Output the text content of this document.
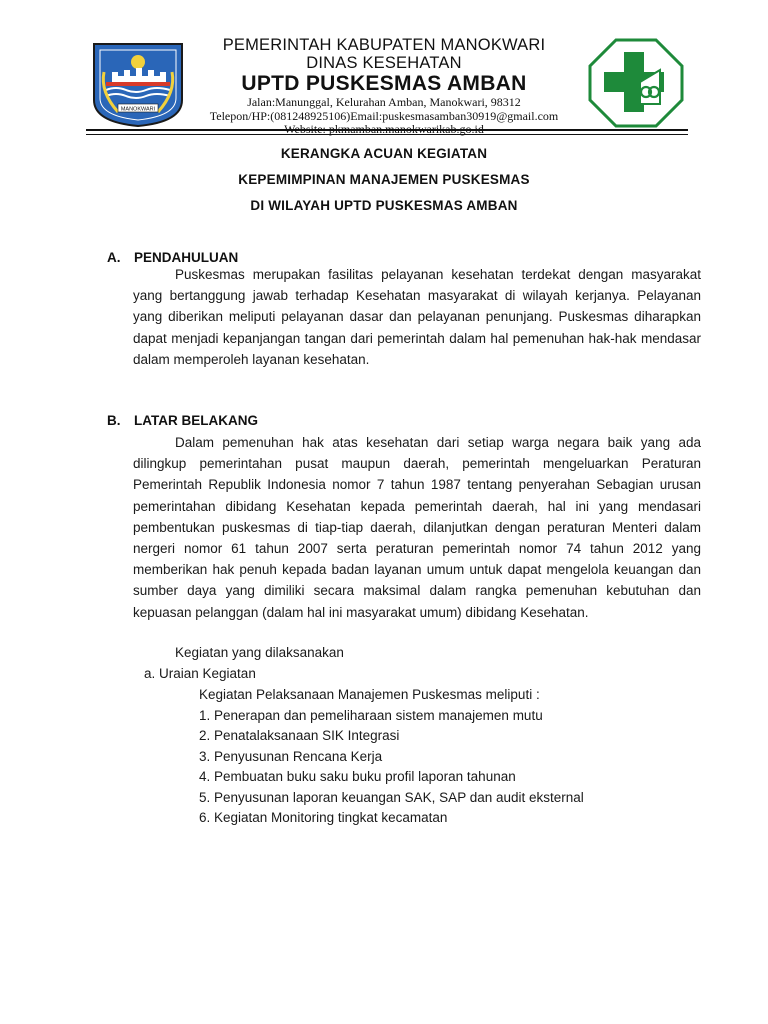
MANOKWARI
PEMERINTAH KABUPATEN MANOKWARI
DINAS KESEHATAN
UPTD PUSKESMAS AMBAN
Jalan:Manunggal, Kelurahan Amban, Manokwari, 98312
Telepon/HP:(081248925106)Email:puskesmasamban30919@gmail.com
Website: pkmamban.manokwarikab.go.id
KERANGKA ACUAN KEGIATAN
KEPEMIMPINAN MANAJEMEN PUSKESMAS
DI WILAYAH UPTD PUSKESMAS AMBAN
A. PENDAHULUAN
Puskesmas merupakan fasilitas pelayanan kesehatan terdekat dengan masyarakat yang bertanggung jawab terhadap Kesehatan masyarakat di wilayah kerjanya. Pelayanan yang diberikan meliputi pelayanan dasar dan pelayanan penunjang. Puskesmas diharapkan dapat menjadi kepanjangan tangan dari pemerintah dalam hal pemenuhan hak-hak mendasar dalam memperoleh layanan kesehatan.
B. LATAR BELAKANG
Dalam pemenuhan hak atas kesehatan dari setiap warga negara baik yang ada dilingkup pemerintahan pusat maupun daerah, pemerintah mengeluarkan Peraturan Pemerintah Republik Indonesia nomor 7 tahun 1987 tentang penyerahan Sebagian urusan pemerintahan dibidang Kesehatan kepada pemerintah daerah, hal ini yang mendasari pembentukan puskesmas di tiap-tiap daerah, dilanjutkan dengan peraturan Menteri dalam nergeri nomor 61 tahun 2007 serta peraturan pemerintah nomor 74 tahun 2012 yang memberikan hak penuh kepada badan layanan umum untuk dapat mengelola keuangan dan sumber daya yang dimiliki secara maksimal dalam rangka pemenuhan kebutuhan dan kepuasan pelanggan (dalam hal ini masyarakat umum) dibidang Kesehatan.
Kegiatan yang dilaksanakan
a. Uraian Kegiatan
Kegiatan Pelaksanaan Manajemen Puskesmas meliputi :
1. Penerapan dan pemeliharaan sistem manajemen mutu
2. Penatalaksanaan SIK Integrasi
3. Penyusunan Rencana Kerja
4. Pembuatan buku saku buku profil laporan tahunan
5. Penyusunan laporan keuangan SAK, SAP dan audit eksternal
6. Kegiatan Monitoring tingkat kecamatan
